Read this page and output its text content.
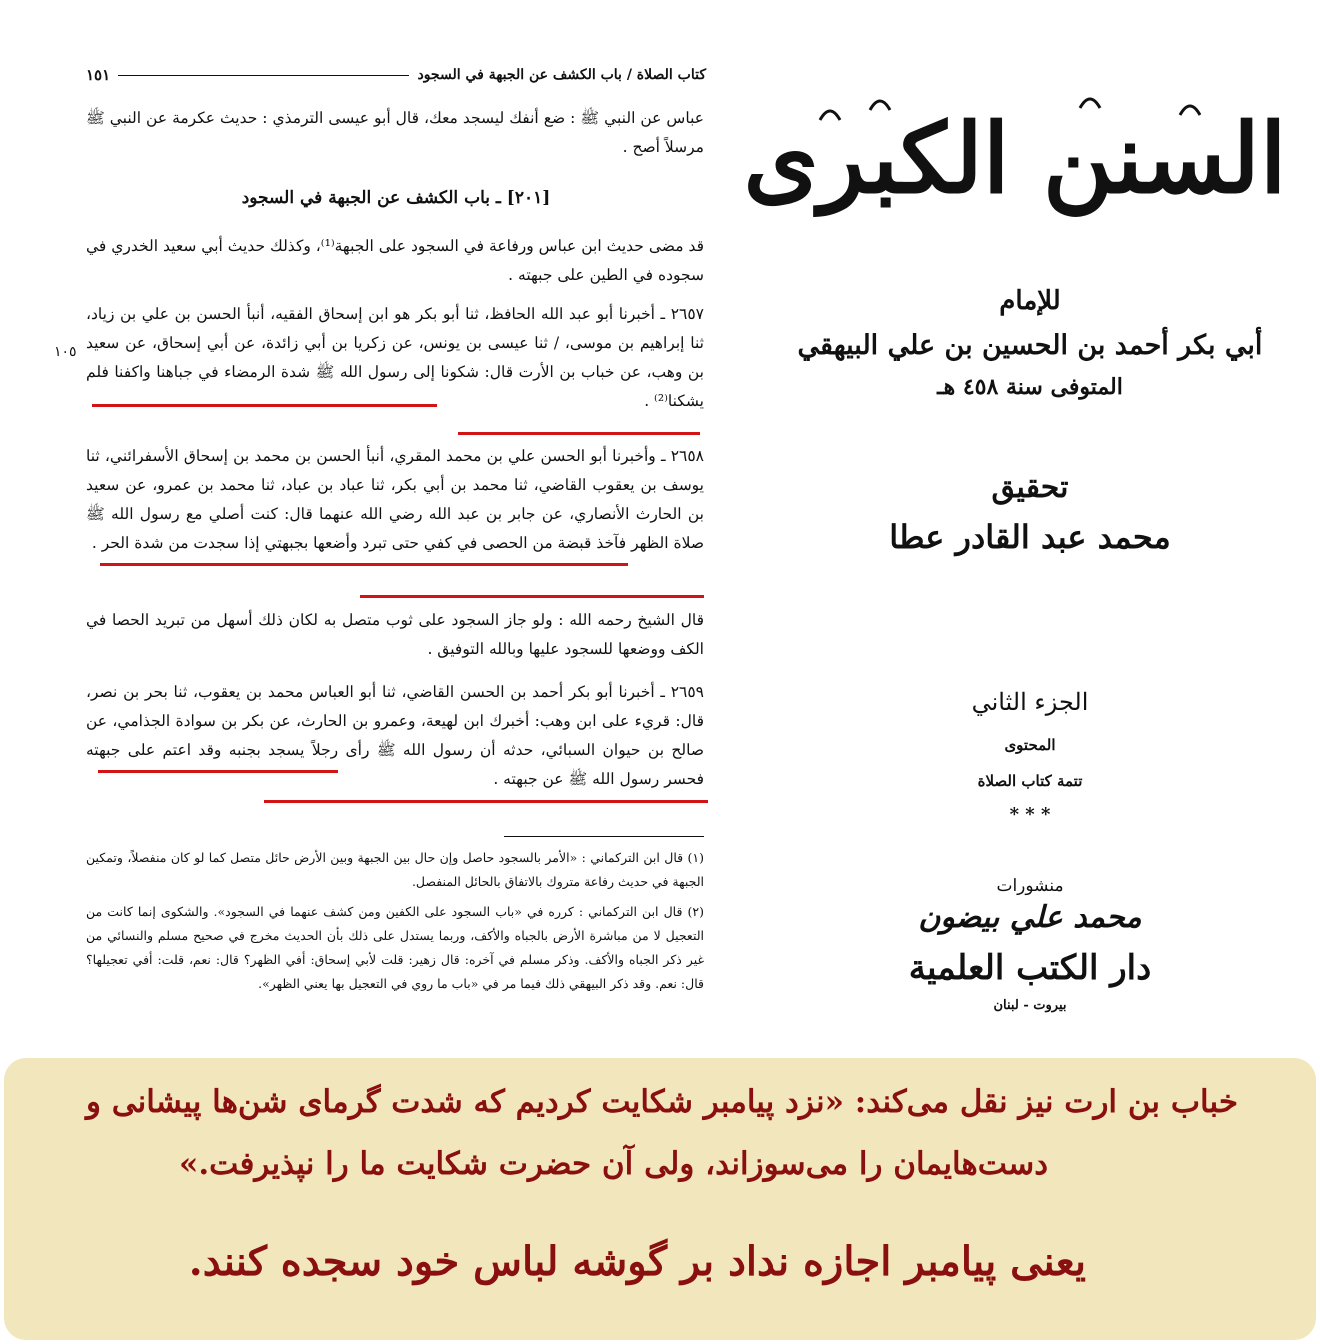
كتاب الصلاة / باب الكشف عن الجبهة في السجود
١٥١
عباس عن النبي ﷺ : ضع أنفك ليسجد معك، قال أبو عيسى الترمذي : حديث عكرمة عن النبي ﷺ مرسلاً أصح .
[٢٠١] ـ باب الكشف عن الجبهة في السجود
قد مضى حديث ابن عباس ورفاعة في السجود على الجبهة⁽¹⁾، وكذلك حديث أبي سعيد الخدري في سجوده في الطين على جبهته .
٢٦٥٧ ـ أخبرنا أبو عبد الله الحافظ، ثنا أبو بكر هو ابن إسحاق الفقيه، أنبأ الحسن بن علي بن زياد، ثنا إبراهيم بن موسى، / ثنا عيسى بن يونس، عن زكريا بن أبي زائدة، عن أبي إسحاق، عن سعيد بن وهب، عن خباب بن الأرت قال: شكونا إلى رسول الله ﷺ شدة الرمضاء في جباهنا واكفنا فلم يشكنا⁽²⁾ .
١٠٥
٢٦٥٨ ـ وأخبرنا أبو الحسن علي بن محمد المقري، أنبأ الحسن بن محمد بن إسحاق الأسفرائني، ثنا يوسف بن يعقوب القاضي، ثنا محمد بن أبي بكر، ثنا عباد بن عباد، ثنا محمد بن عمرو، عن سعيد بن الحارث الأنصاري، عن جابر بن عبد الله رضي الله عنهما قال: كنت أصلي مع رسول الله ﷺ صلاة الظهر فآخذ قبضة من الحصى في كفي حتى تبرد وأضعها بجبهتي إذا سجدت من شدة الحر .
قال الشيخ رحمه الله : ولو جاز السجود على ثوب متصل به لكان ذلك أسهل من تبريد الحصا في الكف ووضعها للسجود عليها وبالله التوفيق .
٢٦٥٩ ـ أخبرنا أبو بكر أحمد بن الحسن القاضي، ثنا أبو العباس محمد بن يعقوب، ثنا بحر بن نصر، قال: قريء على ابن وهب: أخبرك ابن لهيعة، وعمرو بن الحارث، عن بكر بن سوادة الجذامي، عن صالح بن حيوان السبائي، حدثه أن رسول الله ﷺ رأى رجلاً يسجد بجنبه وقد اعتم على جبهته فحسر رسول الله ﷺ عن جبهته .
(١) قال ابن التركماني : «الأمر بالسجود حاصل وإن حال بين الجبهة وبين الأرض حائل متصل كما لو كان منفصلاً، وتمكين الجبهة في حديث رفاعة متروك بالاتفاق بالحائل المنفصل.
(٢) قال ابن التركماني : كرره في «باب السجود على الكفين ومن كشف عنهما في السجود». والشكوى إنما كانت من التعجيل لا من مباشرة الأرض بالجباه والأكف، وربما يستدل على ذلك بأن الحديث مخرج في صحيح مسلم والنسائي من غير ذكر الجباه والأكف. وذكر مسلم في آخره: قال زهير: قلت لأبي إسحاق: أفي الظهر؟ قال: نعم، قلت: أفي تعجيلها؟ قال: نعم. وقد ذكر البيهقي ذلك فيما مر في «باب ما روي في التعجيل بها يعني الظهر».
السنن الكبرى
للإمام
أبي بكر أحمد بن الحسين بن علي البيهقي
المتوفى سنة ٤٥٨ هـ
تحقيق
محمد عبد القادر عطا
الجزء الثاني
المحتوى
تتمة كتاب الصلاة
* * *
منشورات
محمد علي بيضون
دار الكتب العلمية
بيروت - لبنان
خباب بن ارت نیز نقل می‌کند: «نزد پیامبر شکایت کردیم که شدت گرمای شن‌ها پیشانی و
دست‌هایمان را می‌سوزاند، ولی آن حضرت شکایت ما را نپذیرفت.»
یعنی پیامبر اجازه نداد بر گوشه لباس خود سجده کنند.
